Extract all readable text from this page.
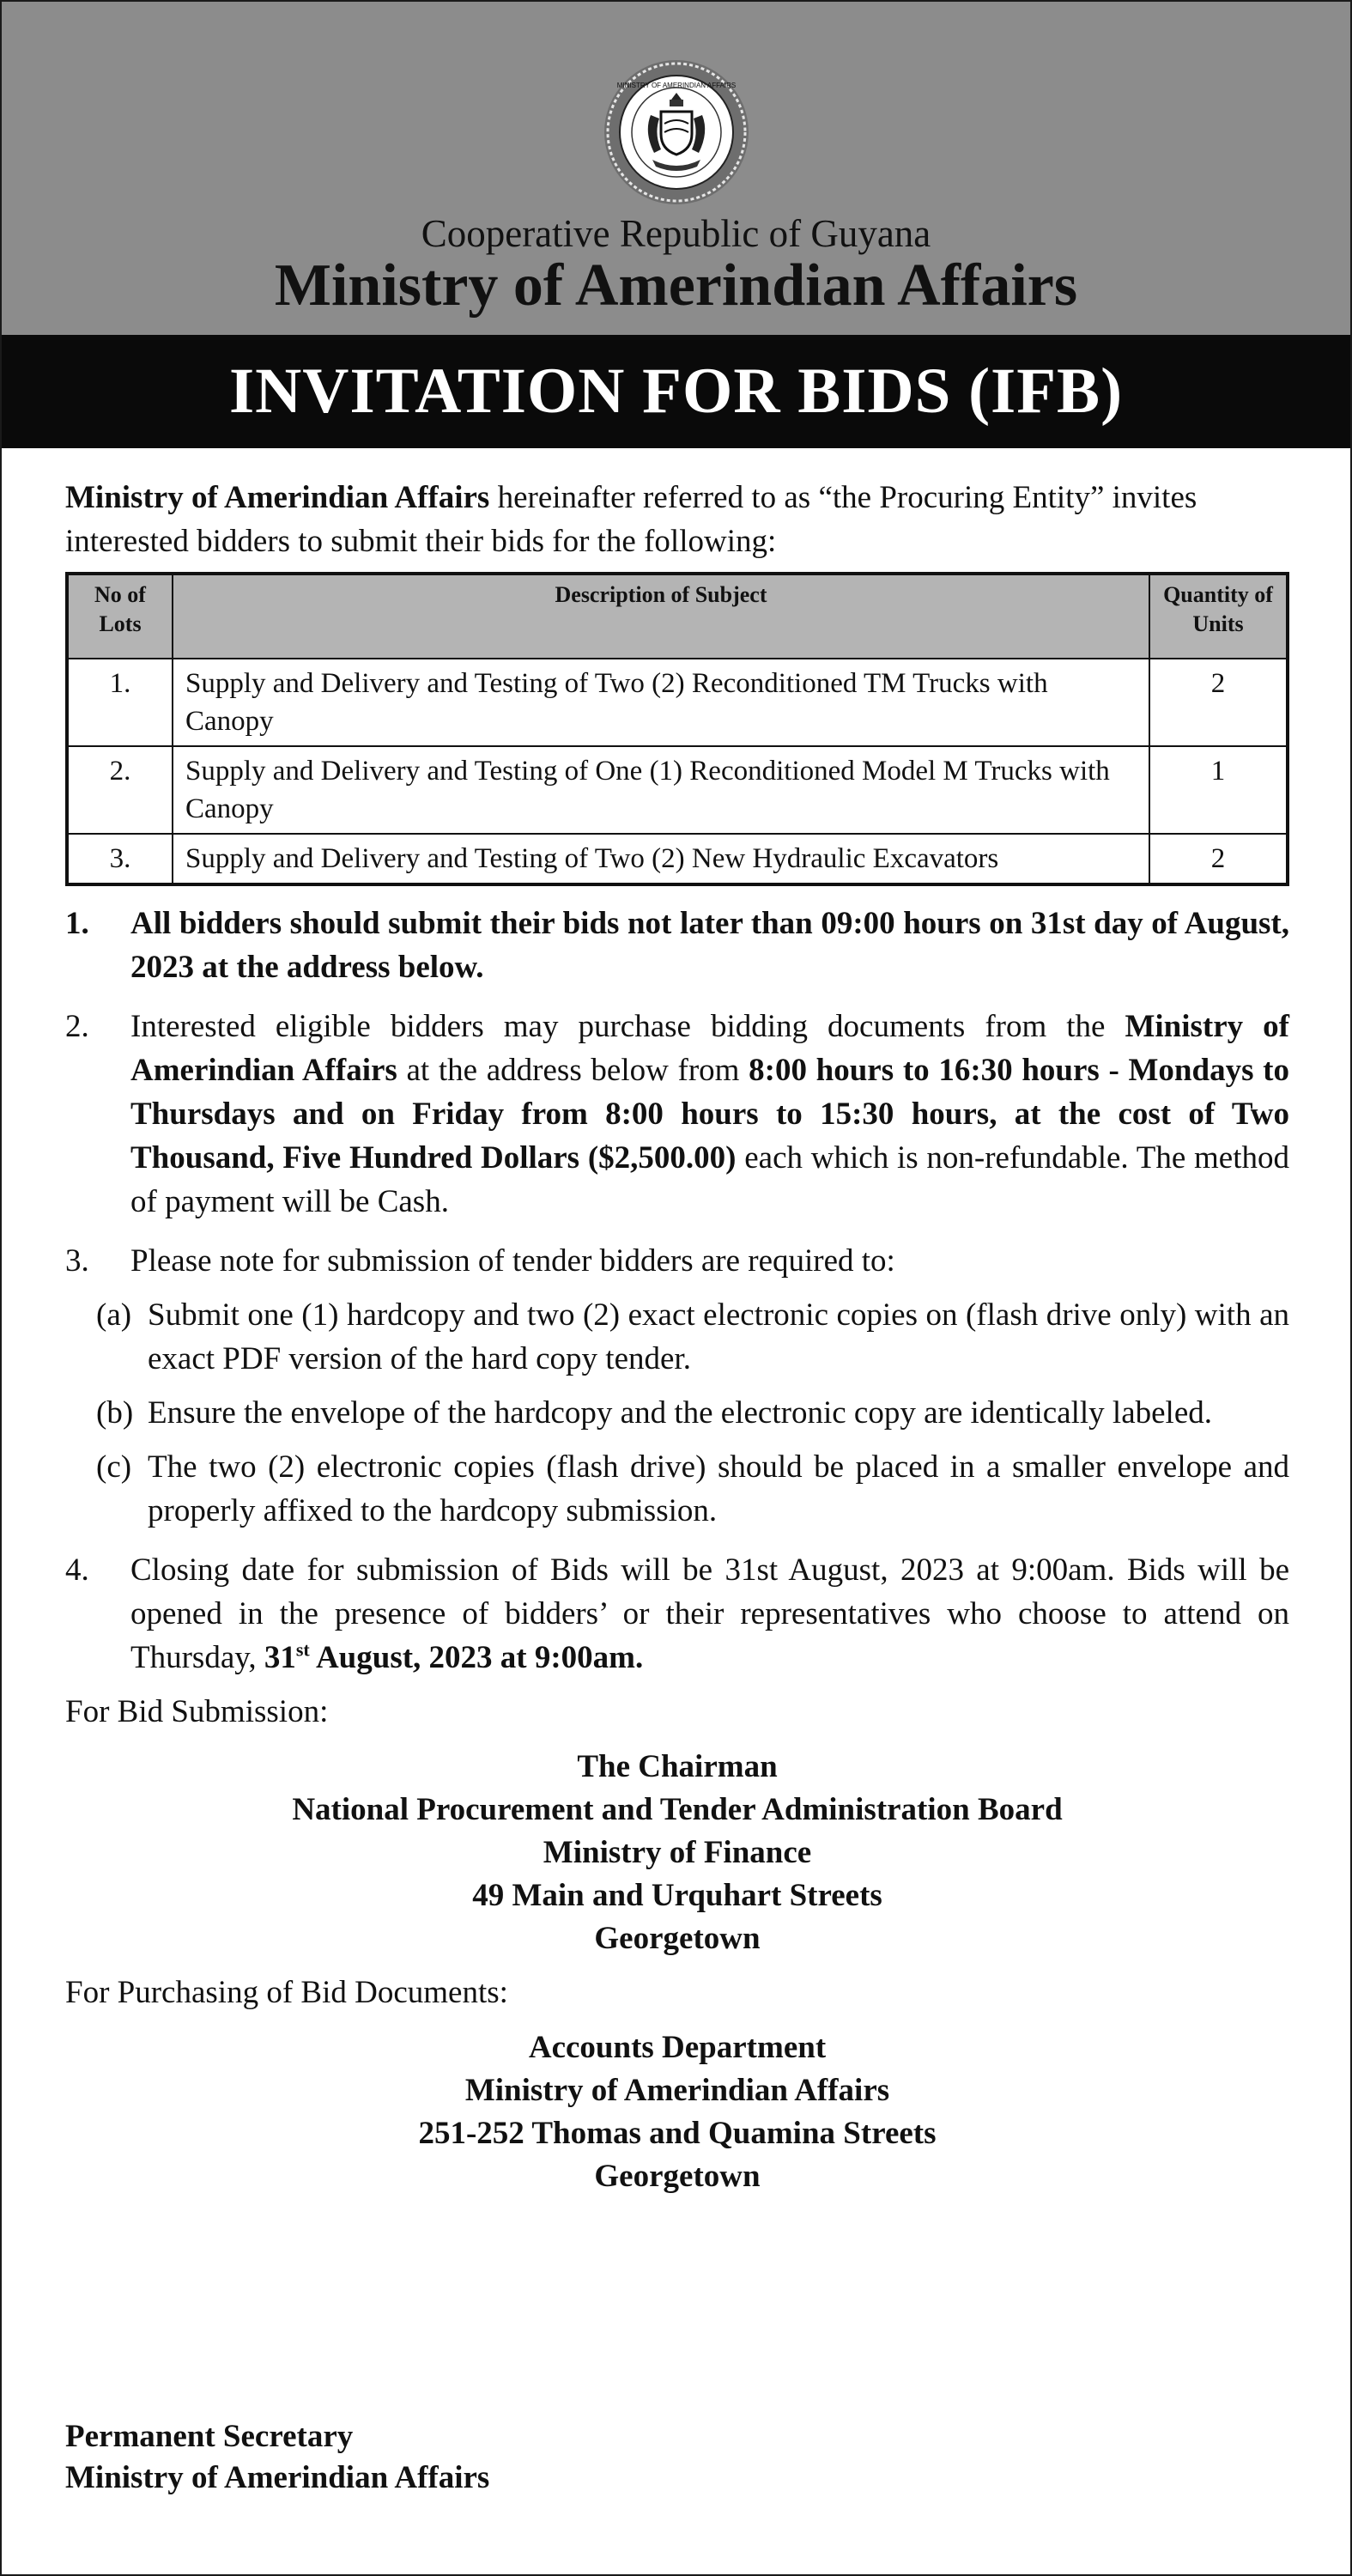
MINISTRY OF AMERINDIAN AFFAIRS
Cooperative Republic of Guyana
Ministry of Amerindian Affairs
INVITATION FOR BIDS (IFB)

Ministry of Amerindian Affairs hereinafter referred to as “the Procuring Entity” invites interested bidders to submit their bids for the following:

No of Lots	Description of Subject	Quantity of Units
1.	Supply and Delivery and Testing of Two (2) Reconditioned TM Trucks with Canopy	2
2.	Supply and Delivery and Testing of One (1) Reconditioned Model M Trucks with Canopy	1
3.	Supply and Delivery and Testing of Two (2) New Hydraulic Excavators	2
1. All bidders should submit their bids not later than 09:00 hours on 31st day of August, 2023 at the address below.
2. Interested eligible bidders may purchase bidding documents from the Ministry of Amerindian Affairs at the address below from 8:00 hours to 16:30 hours - Mondays to Thursdays and on Friday from 8:00 hours to 15:30 hours, at the cost of Two Thousand, Five Hundred Dollars ($2,500.00) each which is non-refundable. The method of payment will be Cash.
3. Please note for submission of tender bidders are required to:
(a) Submit one (1) hardcopy and two (2) exact electronic copies on (flash drive only) with an exact PDF version of the hard copy tender.
(b) Ensure the envelope of the hardcopy and the electronic copy are identically labeled.
(c) The two (2) electronic copies (flash drive) should be placed in a smaller envelope and properly affixed to the hardcopy submission.
4. Closing date for submission of Bids will be 31st August, 2023 at 9:00am. Bids will be opened in the presence of bidders’ or their representatives who choose to attend on Thursday, 31st August, 2023 at 9:00am.

For Bid Submission:

The Chairman
National Procurement and Tender Administration Board
Ministry of Finance
49 Main and Urquhart Streets
Georgetown

For Purchasing of Bid Documents:

Accounts Department
Ministry of Amerindian Affairs
251-252 Thomas and Quamina Streets
Georgetown
Permanent Secretary
Ministry of Amerindian Affairs
